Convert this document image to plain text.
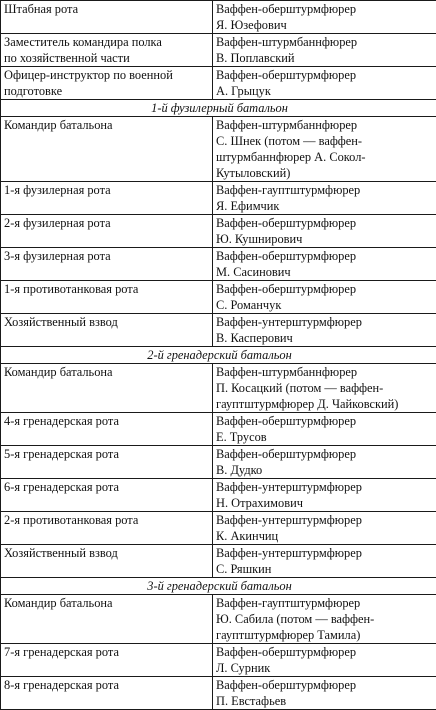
Штабная рота	Ваффен-оберштурмфюрер
Я. Юзефович

Заместитель командира полка
по хозяйственной части	Ваффен-штурмбаннфюрер
В. Поплавский

Офицер-инструктор по военной
подготовке	Ваффен-оберштурмфюрер
А. Грыцук

1-й фузилерный батальон	

Командир батальона	Ваффен-штурмбаннфюрер
С. Шнек (потом — ваффен-
штурмбаннфюрер А. Сокол-
Кутыловский)

1-я фузилерная рота	Ваффен-гауптштурмфюрер
Я. Ефимчик

2-я фузилерная рота	Ваффен-оберштурмфюрер
Ю. Кушнирович

3-я фузилерная рота	Ваффен-оберштурмфюрер
М. Сасинович

1-я противотанковая рота	Ваффен-оберштурмфюрер
С. Романчук

Хозяйственный взвод	Ваффен-унтерштурмфюрер
В. Касперович

2-й гренадерский батальон	

Командир батальона	Ваффен-штурмбаннфюрер
П. Косацкий (потом — ваффен-
гауптштурмфюрер Д. Чайковский)

4-я гренадерская рота	Ваффен-оберштурмфюрер
Е. Трусов

5-я гренадерская рота	Ваффен-оберштурмфюрер
В. Дудко

6-я гренадерская рота	Ваффен-унтерштурмфюрер
Н. Отрахимович

2-я противотанковая рота	Ваффен-унтерштурмфюрер
К. Акинчиц

Хозяйственный взвод	Ваффен-унтерштурмфюрер
С. Ряшкин

3-й гренадерский батальон	

Командир батальона	Ваффен-гауптштурмфюрер
Ю. Сабила (потом — ваффен-
гауптштурмфюрер Тамила)

7-я гренадерская рота	Ваффен-оберштурмфюрер
Л. Сурник

8-я гренадерская рота	Ваффен-оберштурмфюрер
П. Евстафьев
